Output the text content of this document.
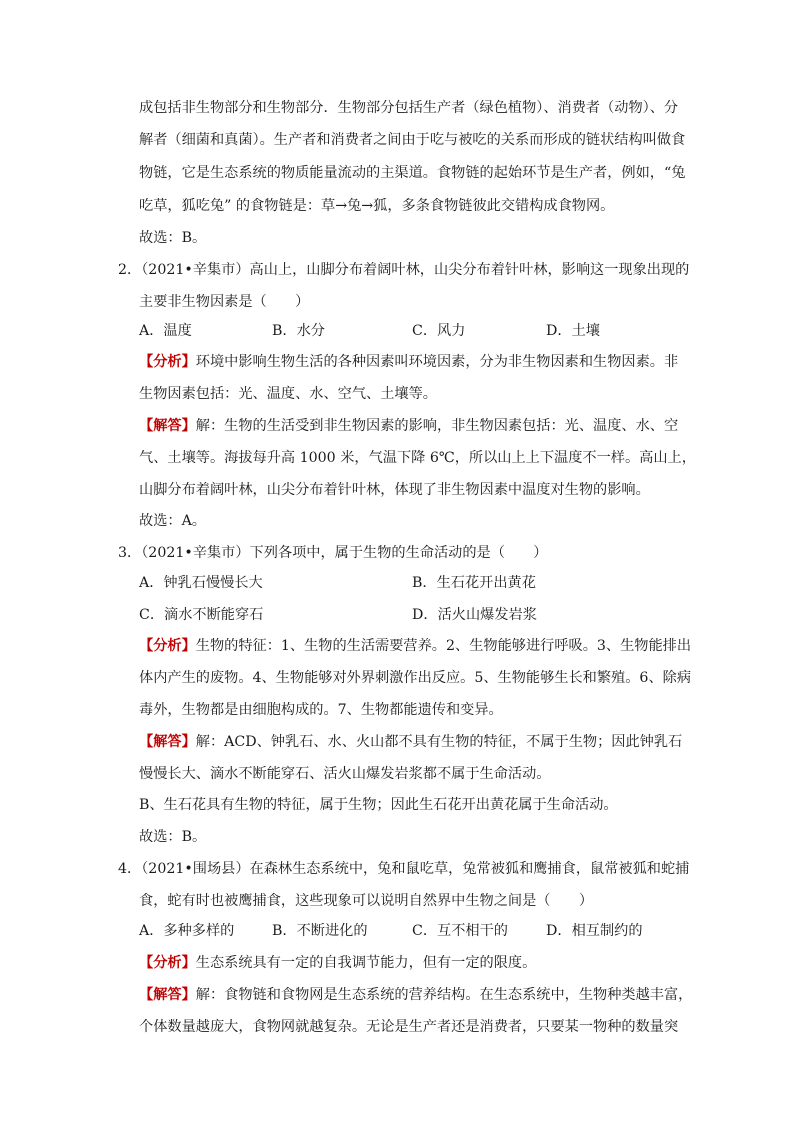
成包括非生物部分和生物部分．生物部分包括生产者（绿色植物）、消费者（动物）、分
解者（细菌和真菌）。生产者和消费者之间由于吃与被吃的关系而形成的链状结构叫做食
物链，它是生态系统的物质能量流动的主渠道。食物链的起始环节是生产者，例如，“兔
吃草，狐吃兔” 的食物链是：草→兔→狐，多条食物链彼此交错构成食物网。
故选：B。
2．（2021•辛集市）高山上，山脚分布着阔叶林，山尖分布着针叶林，影响这一现象出现的
主要非生物因素是（　　）
A．温度	B．水分	C．风力	D．土壤
【分析】环境中影响生物生活的各种因素叫环境因素，分为非生物因素和生物因素。非
生物因素包括：光、温度、水、空气、土壤等。
【解答】解：生物的生活受到非生物因素的影响，非生物因素包括：光、温度、水、空
气、土壤等。海拔每升高 1000 米，气温下降 6℃，所以山上上下温度不一样。高山上，
山脚分布着阔叶林，山尖分布着针叶林，体现了非生物因素中温度对生物的影响。
故选：A。
3．（2021•辛集市）下列各项中，属于生物的生命活动的是（　　）
A．钟乳石慢慢长大	B．生石花开出黄花
C．滴水不断能穿石	D．活火山爆发岩浆
【分析】生物的特征：1、生物的生活需要营养。2、生物能够进行呼吸。3、生物能排出
体内产生的废物。4、生物能够对外界刺激作出反应。5、生物能够生长和繁殖。6、除病
毒外，生物都是由细胞构成的。7、生物都能遗传和变异。
【解答】解：ACD、钟乳石、水、火山都不具有生物的特征，不属于生物；因此钟乳石
慢慢长大、滴水不断能穿石、活火山爆发岩浆都不属于生命活动。
B、生石花具有生物的特征，属于生物；因此生石花开出黄花属于生命活动。
故选：B。
4．（2021•围场县）在森林生态系统中，兔和鼠吃草，兔常被狐和鹰捕食，鼠常被狐和蛇捕
食，蛇有时也被鹰捕食，这些现象可以说明自然界中生物之间是（　　）
A．多种多样的	B．不断进化的	C．互不相干的	D．相互制约的
【分析】生态系统具有一定的自我调节能力，但有一定的限度。
【解答】解：食物链和食物网是生态系统的营养结构。在生态系统中，生物种类越丰富，
个体数量越庞大，食物网就越复杂。无论是生产者还是消费者，只要某一物种的数量突
